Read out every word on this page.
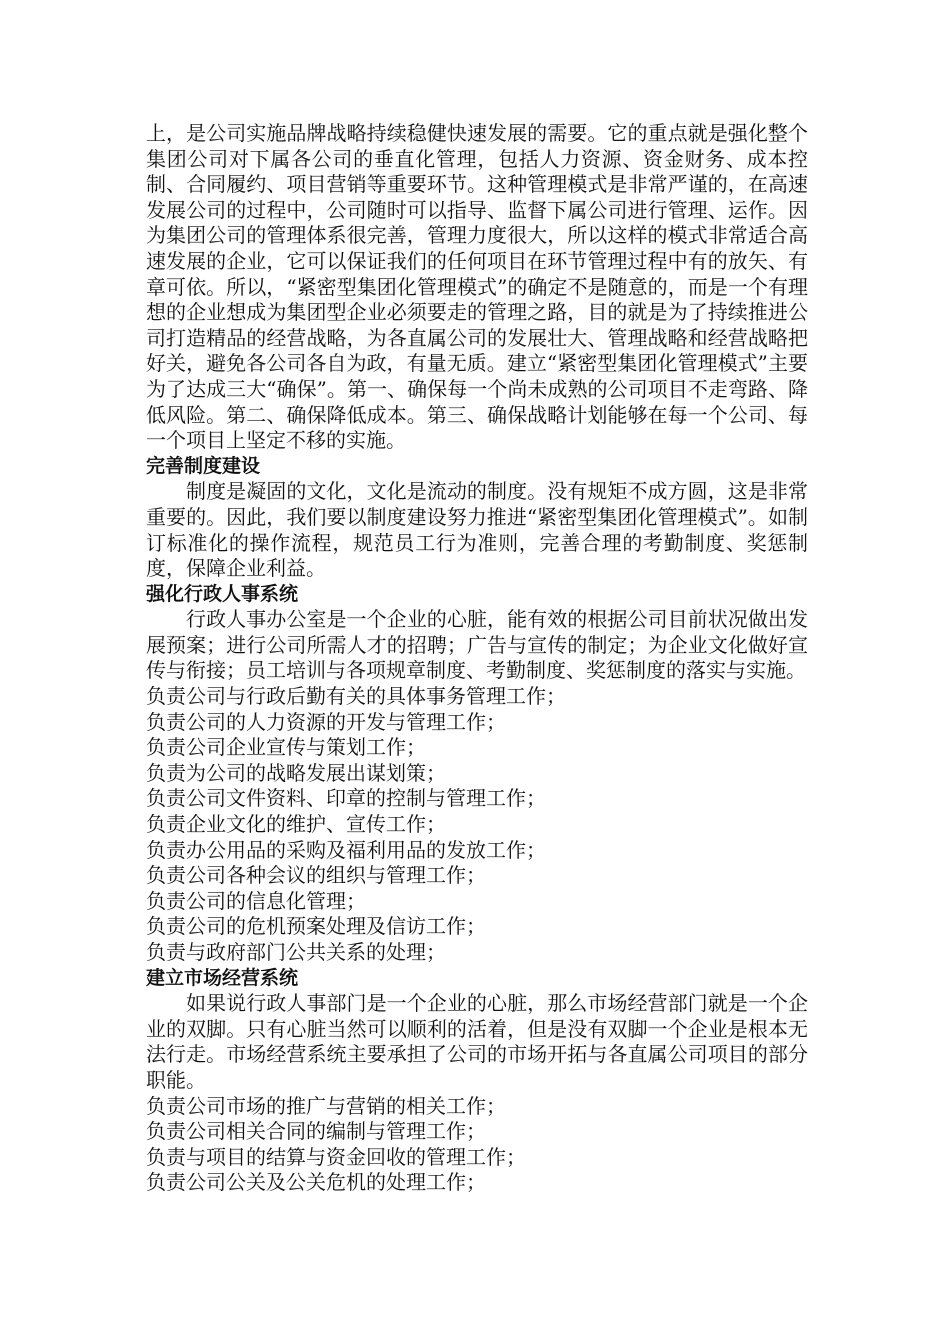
上，是公司实施品牌战略持续稳健快速发展的需要。它的重点就是强化整个集团公司对下属各公司的垂直化管理，包括人力资源、资金财务、成本控制、合同履约、项目营销等重要环节。这种管理模式是非常严谨的，在高速发展公司的过程中，公司随时可以指导、监督下属公司进行管理、运作。因为集团公司的管理体系很完善，管理力度很大，所以这样的模式非常适合高速发展的企业，它可以保证我们的任何项目在环节管理过程中有的放矢、有章可依。所以，“紧密型集团化管理模式”的确定不是随意的，而是一个有理想的企业想成为集团型企业必须要走的管理之路，目的就是为了持续推进公司打造精品的经营战略，为各直属公司的发展壮大、管理战略和经营战略把好关，避免各公司各自为政，有量无质。建立“紧密型集团化管理模式”主要为了达成三大“确保”。第一、确保每一个尚未成熟的公司项目不走弯路、降低风险。第二、确保降低成本。第三、确保战略计划能够在每一个公司、每一个项目上坚定不移的实施。

完善制度建设

制度是凝固的文化，文化是流动的制度。没有规矩不成方圆，这是非常重要的。因此，我们要以制度建设努力推进“紧密型集团化管理模式”。如制订标准化的操作流程，规范员工行为准则，完善合理的考勤制度、奖惩制度，保障企业利益。

强化行政人事系统

行政人事办公室是一个企业的心脏，能有效的根据公司目前状况做出发展预案；进行公司所需人才的招聘；广告与宣传的制定；为企业文化做好宣传与衔接；员工培训与各项规章制度、考勤制度、奖惩制度的落实与实施。

负责公司与行政后勤有关的具体事务管理工作；
负责公司的人力资源的开发与管理工作；
负责公司企业宣传与策划工作；
负责为公司的战略发展出谋划策；
负责公司文件资料、印章的控制与管理工作；
负责企业文化的维护、宣传工作；
负责办公用品的采购及福利用品的发放工作；
负责公司各种会议的组织与管理工作；
负责公司的信息化管理；
负责公司的危机预案处理及信访工作；
负责与政府部门公共关系的处理；
建立市场经营系统

如果说行政人事部门是一个企业的心脏，那么市场经营部门就是一个企业的双脚。只有心脏当然可以顺利的活着，但是没有双脚一个企业是根本无法行走。市场经营系统主要承担了公司的市场开拓与各直属公司项目的部分职能。

负责公司市场的推广与营销的相关工作；
负责公司相关合同的编制与管理工作；
负责与项目的结算与资金回收的管理工作；
负责公司公关及公关危机的处理工作；
